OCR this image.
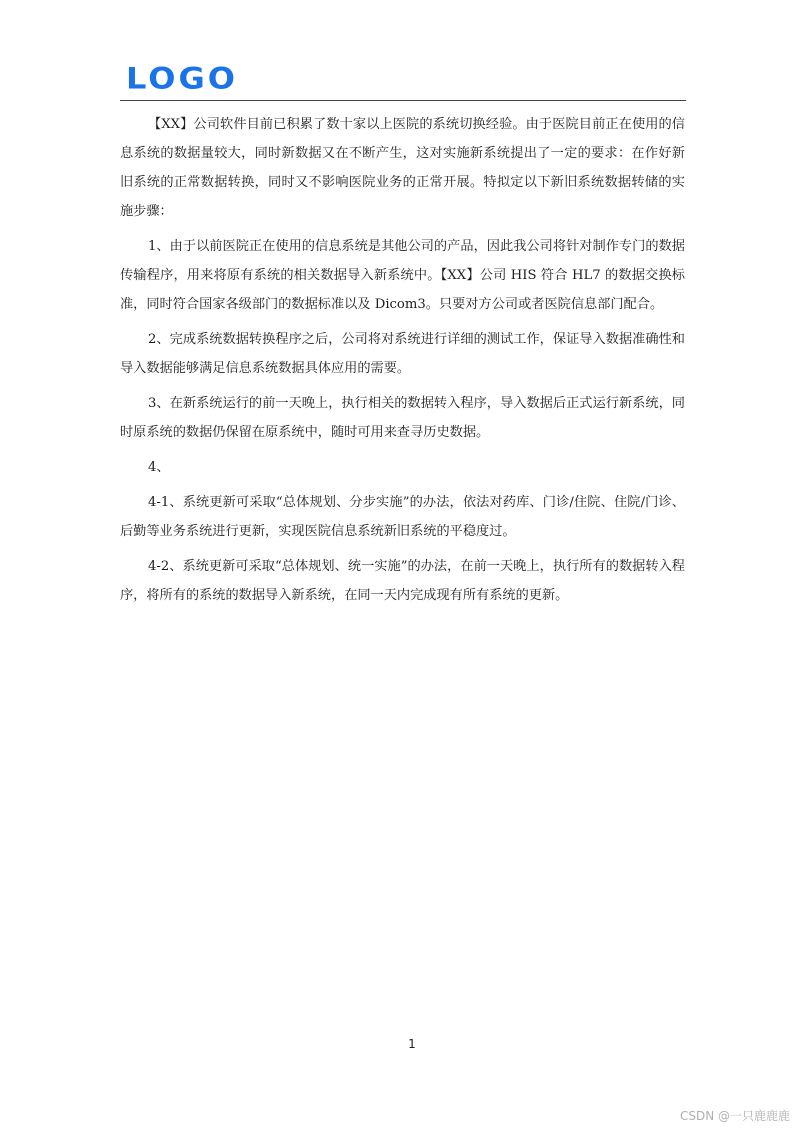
LOGO

【XX】公司软件目前已积累了数十家以上医院的系统切换经验。由于医院目前正在使用的信息系统的数据量较大，同时新数据又在不断产生，这对实施新系统提出了一定的要求：在作好新旧系统的正常数据转换，同时又不影响医院业务的正常开展。特拟定以下新旧系统数据转储的实施步骤：

1、由于以前医院正在使用的信息系统是其他公司的产品，因此我公司将针对制作专门的数据传输程序，用来将原有系统的相关数据导入新系统中。【XX】公司 HIS 符合 HL7 的数据交换标准，同时符合国家各级部门的数据标准以及 Dicom3。只要对方公司或者医院信息部门配合。

2、完成系统数据转换程序之后，公司将对系统进行详细的测试工作，保证导入数据准确性和导入数据能够满足信息系统数据具体应用的需要。

3、在新系统运行的前一天晚上，执行相关的数据转入程序，导入数据后正式运行新系统，同时原系统的数据仍保留在原系统中，随时可用来查寻历史数据。

4、

4-1、系统更新可采取“总体规划、分步实施”的办法，依法对药库、门诊/住院、住院/门诊、后勤等业务系统进行更新，实现医院信息系统新旧系统的平稳度过。

4-2、系统更新可采取“总体规划、统一实施”的办法，在前一天晚上，执行所有的数据转入程序，将所有的系统的数据导入新系统，在同一天内完成现有所有系统的更新。

1
CSDN @一只鹿鹿鹿
